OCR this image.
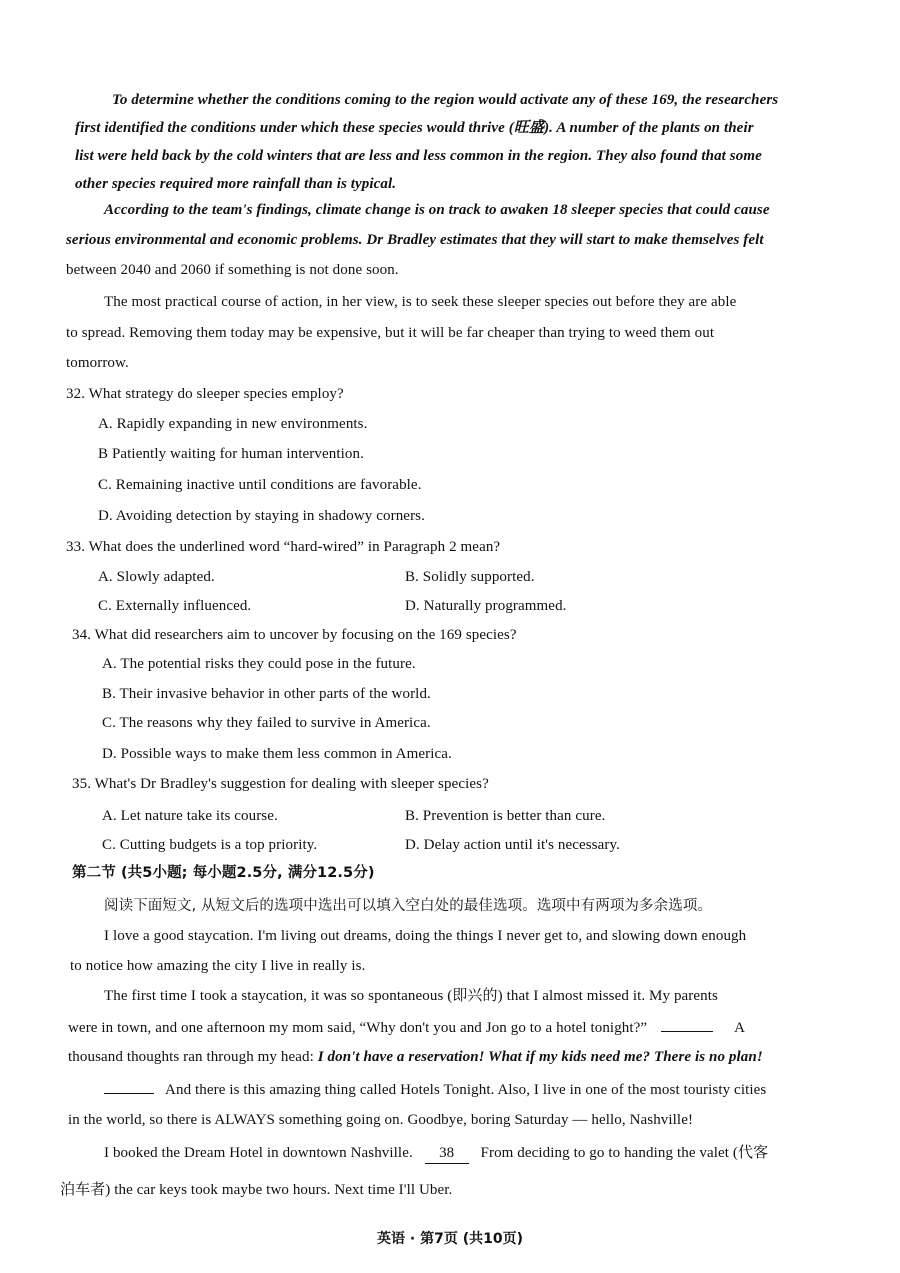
To determine whether the conditions coming to the region would activate any of these 169, the researchers
first identified the conditions under which these species would thrive (旺盛). A number of the plants on their
list were held back by the cold winters that are less and less common in the region. They also found that some
other species required more rainfall than is typical.
According to the team's findings, climate change is on track to awaken 18 sleeper species that could cause
serious environmental and economic problems. Dr Bradley estimates that they will start to make themselves felt
between 2040 and 2060 if something is not done soon.
The most practical course of action, in her view, is to seek these sleeper species out before they are able
to spread. Removing them today may be expensive, but it will be far cheaper than trying to weed them out
tomorrow.
32. What strategy do sleeper species employ?
A. Rapidly expanding in new environments.
B Patiently waiting for human intervention.
C. Remaining inactive until conditions are favorable.
D. Avoiding detection by staying in shadowy corners.
33. What does the underlined word “hard-wired” in Paragraph 2 mean?
A. Slowly adapted.	B. Solidly supported.
C. Externally influenced.	D. Naturally programmed.
34. What did researchers aim to uncover by focusing on the 169 species?
A. The potential risks they could pose in the future.
B. Their invasive behavior in other parts of the world.
C. The reasons why they failed to survive in America.
D. Possible ways to make them less common in America.
35. What's Dr Bradley's suggestion for dealing with sleeper species?
A. Let nature take its course.	B. Prevention is better than cure.
C. Cutting budgets is a top priority.	D. Delay action until it's necessary.
第二节 (共5小题; 每小题2.5分, 满分12.5分)
阅读下面短文, 从短文后的选项中选出可以填入空白处的最佳选项。选项中有两项为多余选项。
I love a good staycation. I'm living out dreams, doing the things I never get to, and slowing down enough
to notice how amazing the city I live in really is.
The first time I took a staycation, it was so spontaneous (即兴的) that I almost missed it. My parents
were in town, and one afternoon my mom said, “Why don't you and Jon go to a hotel tonight?”	A
thousand thoughts ran through my head: I don't have a reservation! What if my kids need me? There is no plan!
And there is this amazing thing called Hotels Tonight. Also, I live in one of the most touristy cities
in the world, so there is ALWAYS something going on. Goodbye, boring Saturday — hello, Nashville!
I booked the Dream Hotel in downtown Nashville. 38 From deciding to go to handing the valet (代客
泊车者) the car keys took maybe two hours. Next time I'll Uber.
英语 · 第7页 (共10页)
